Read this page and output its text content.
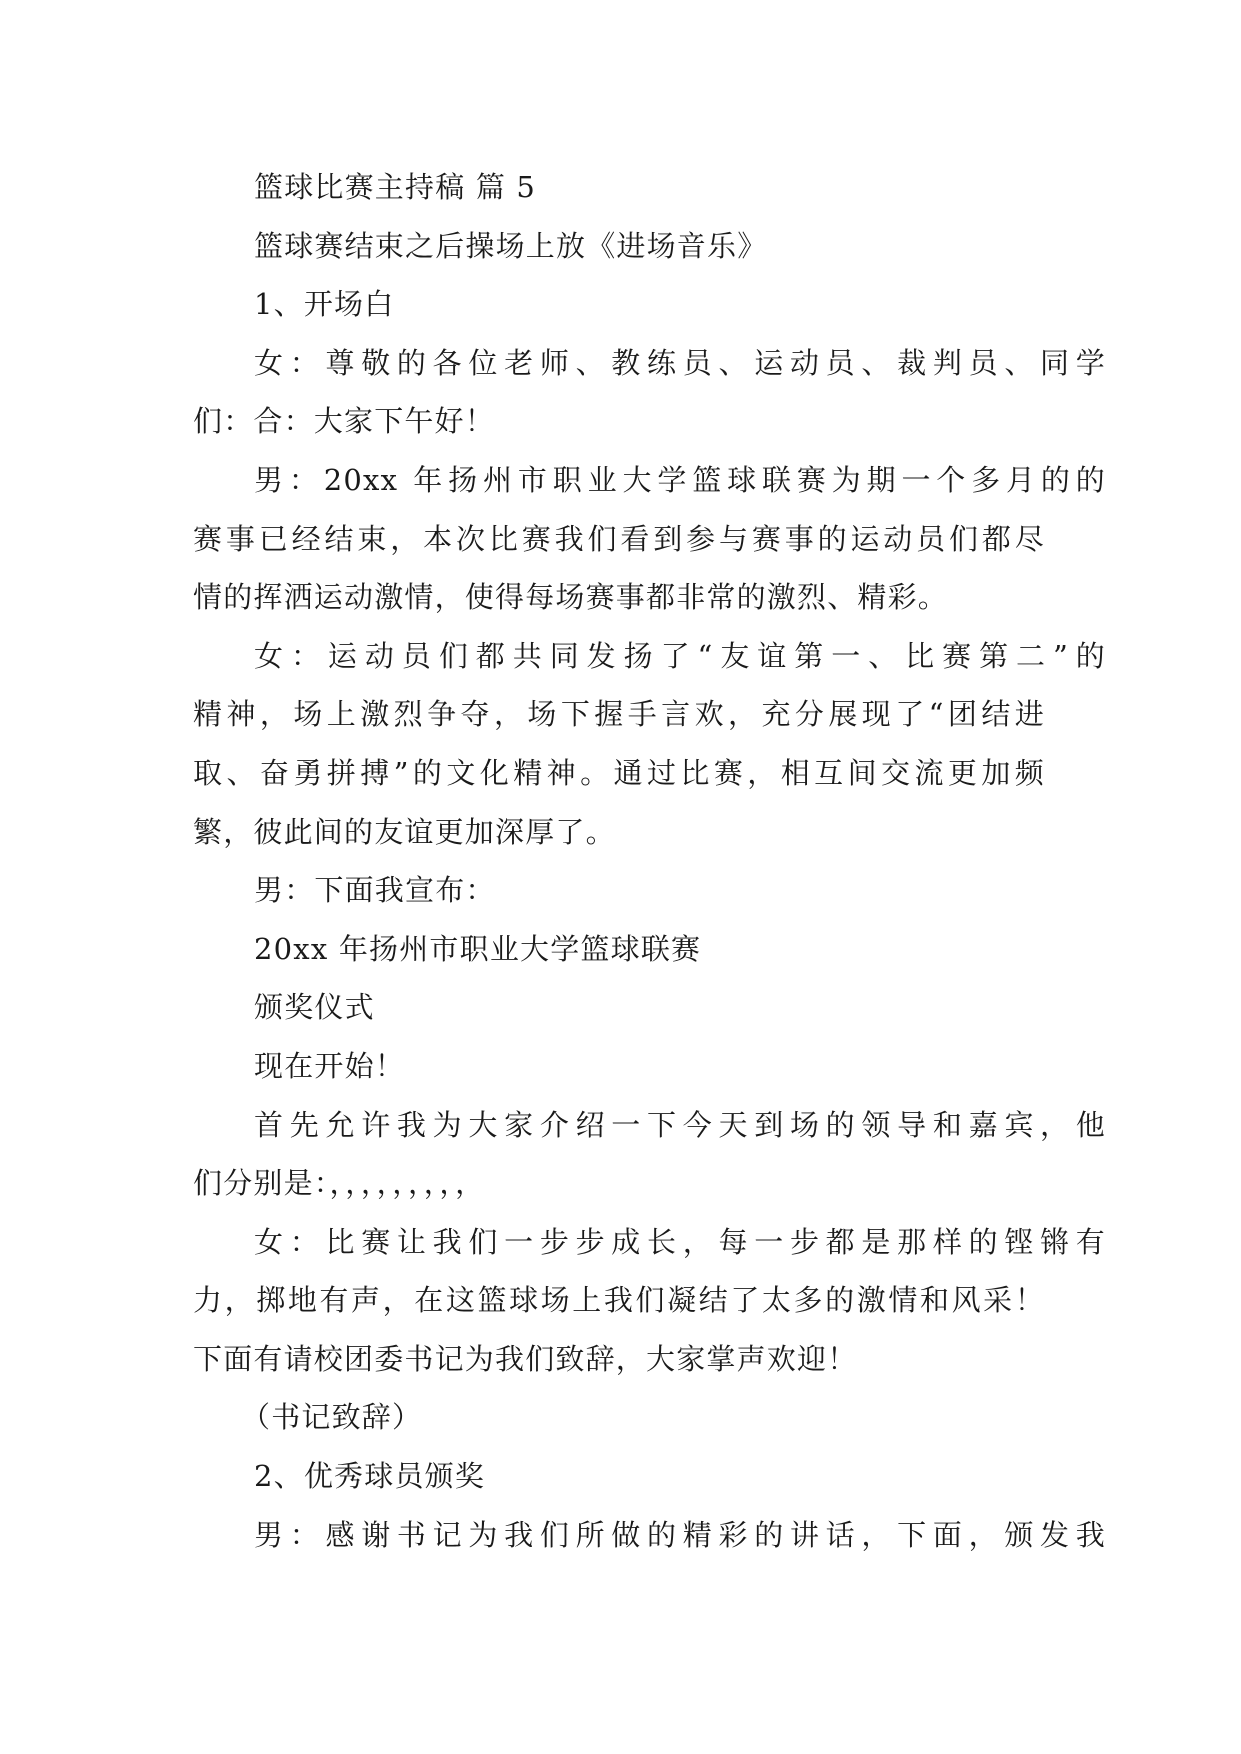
篮球比赛主持稿 篇 5
篮球赛结束之后操场上放《进场音乐》
1、开场白
女：尊敬的各位老师、教练员、运动员、裁判员、同学
们：合：大家下午好！
男：20xx 年扬州市职业大学篮球联赛为期一个多月的的
赛事已经结束，本次比赛我们看到参与赛事的运动员们都尽
情的挥洒运动激情，使得每场赛事都非常的激烈、精彩。
女：运动员们都共同发扬了“友谊第一、比赛第二”的
精神，场上激烈争夺，场下握手言欢，充分展现了“团结进
取、奋勇拼搏”的文化精神。通过比赛，相互间交流更加频
繁，彼此间的友谊更加深厚了。
男：下面我宣布：
20xx 年扬州市职业大学篮球联赛
颁奖仪式
现在开始！
首先允许我为大家介绍一下今天到场的领导和嘉宾，他
们分别是：，，，，，，，，，
女：比赛让我们一步步成长，每一步都是那样的铿锵有
力，掷地有声，在这篮球场上我们凝结了太多的激情和风采！
下面有请校团委书记为我们致辞，大家掌声欢迎！
（书记致辞）
2、优秀球员颁奖
男：感谢书记为我们所做的精彩的讲话，下面，颁发我
